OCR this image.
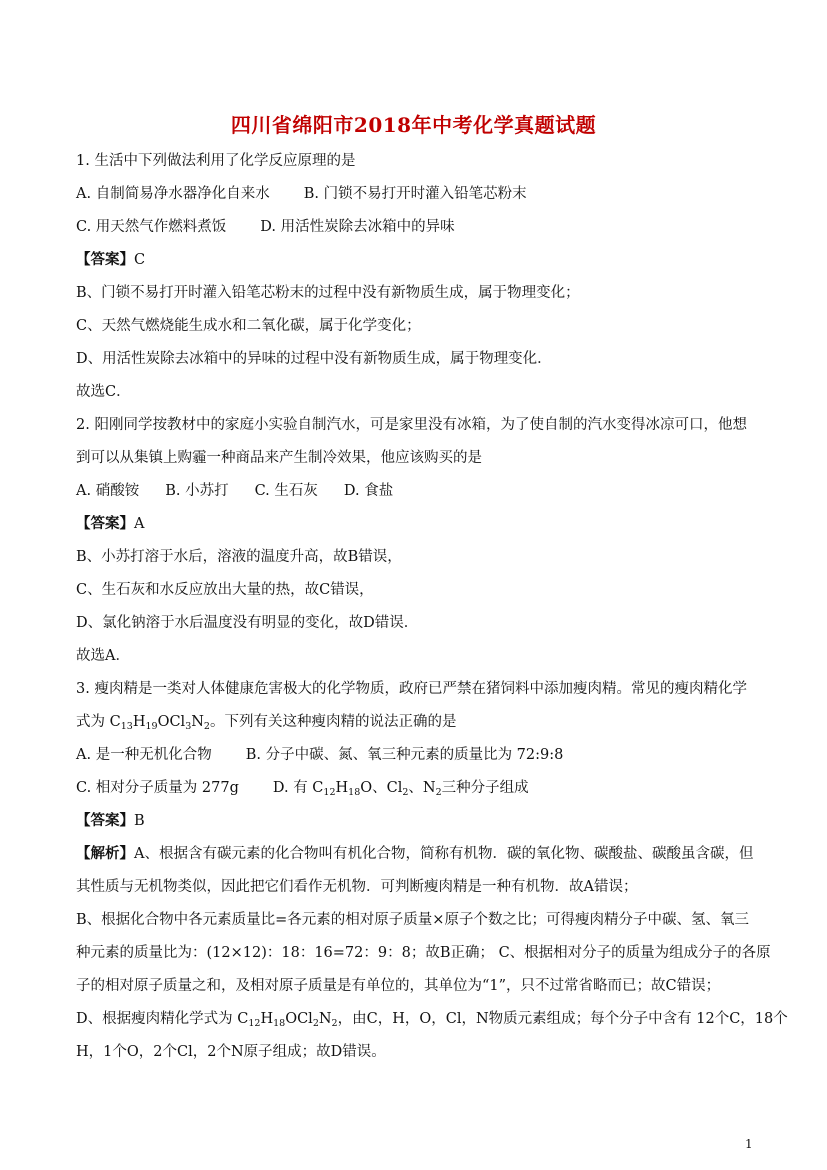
四川省绵阳市2018年中考化学真题试题
1. 生活中下列做法利用了化学反应原理的是
A. 自制简易净水器净化自来水 B. 门锁不易打开时灌入铅笔芯粉末
C. 用天然气作燃料煮饭 D. 用活性炭除去冰箱中的异味
【答案】C
B、门锁不易打开时灌入铅笔芯粉末的过程中没有新物质生成，属于物理变化；
C、天然气燃烧能生成水和二氧化碳，属于化学变化；
D、用活性炭除去冰箱中的异味的过程中没有新物质生成，属于物理变化．
故选C．
2. 阳刚同学按教材中的家庭小实验自制汽水，可是家里没有冰箱，为了使自制的汽水变得冰凉可口，他想
到可以从集镇上购霾一种商品来产生制冷效果，他应该购买的是
A. 硝酸铵 B. 小苏打 C. 生石灰 D. 食盐
【答案】A
B、小苏打溶于水后，溶液的温度升高，故B错误，
C、生石灰和水反应放出大量的热，故C错误，
D、氯化钠溶于水后温度没有明显的变化，故D错误．
故选A．
3. 瘦肉精是一类对人体健康危害极大的化学物质，政府已严禁在猪饲料中添加瘦肉精。常见的瘦肉精化学
式为 $C_{13}H_{19}OCl_3N_2$。下列有关这种瘦肉精的说法正确的是
A. 是一种无机化合物 B. 分子中碳、氮、氧三种元素的质量比为 72:9:8
C. 相对分子质量为 277g D. 有 $C_{12}H_{18}O$、$Cl_2$、$N_2$三种分子组成
【答案】B
【解析】A、根据含有碳元素的化合物叫有机化合物，简称有机物．碳的氧化物、碳酸盐、碳酸虽含碳，但
其性质与无机物类似，因此把它们看作无机物．可判断瘦肉精是一种有机物．故A错误；
B、根据化合物中各元素质量比=各元素的相对原子质量×原子个数之比；可得瘦肉精分子中碳、氢、氧三
种元素的质量比为：(12×12)：18：16=72：9：8；故B正确； C、根据相对分子的质量为组成分子的各原
子的相对原子质量之和，及相对原子质量是有单位的，其单位为“1”，只不过常省略而已；故C错误；
D、根据瘦肉精化学式为 $C_{12}H_{18}OCl_2N_2$，由C，H，O，Cl，N物质元素组成；每个分子中含有 12个C，18个
H，1个O，2个Cl，2个N原子组成；故D错误。
1
